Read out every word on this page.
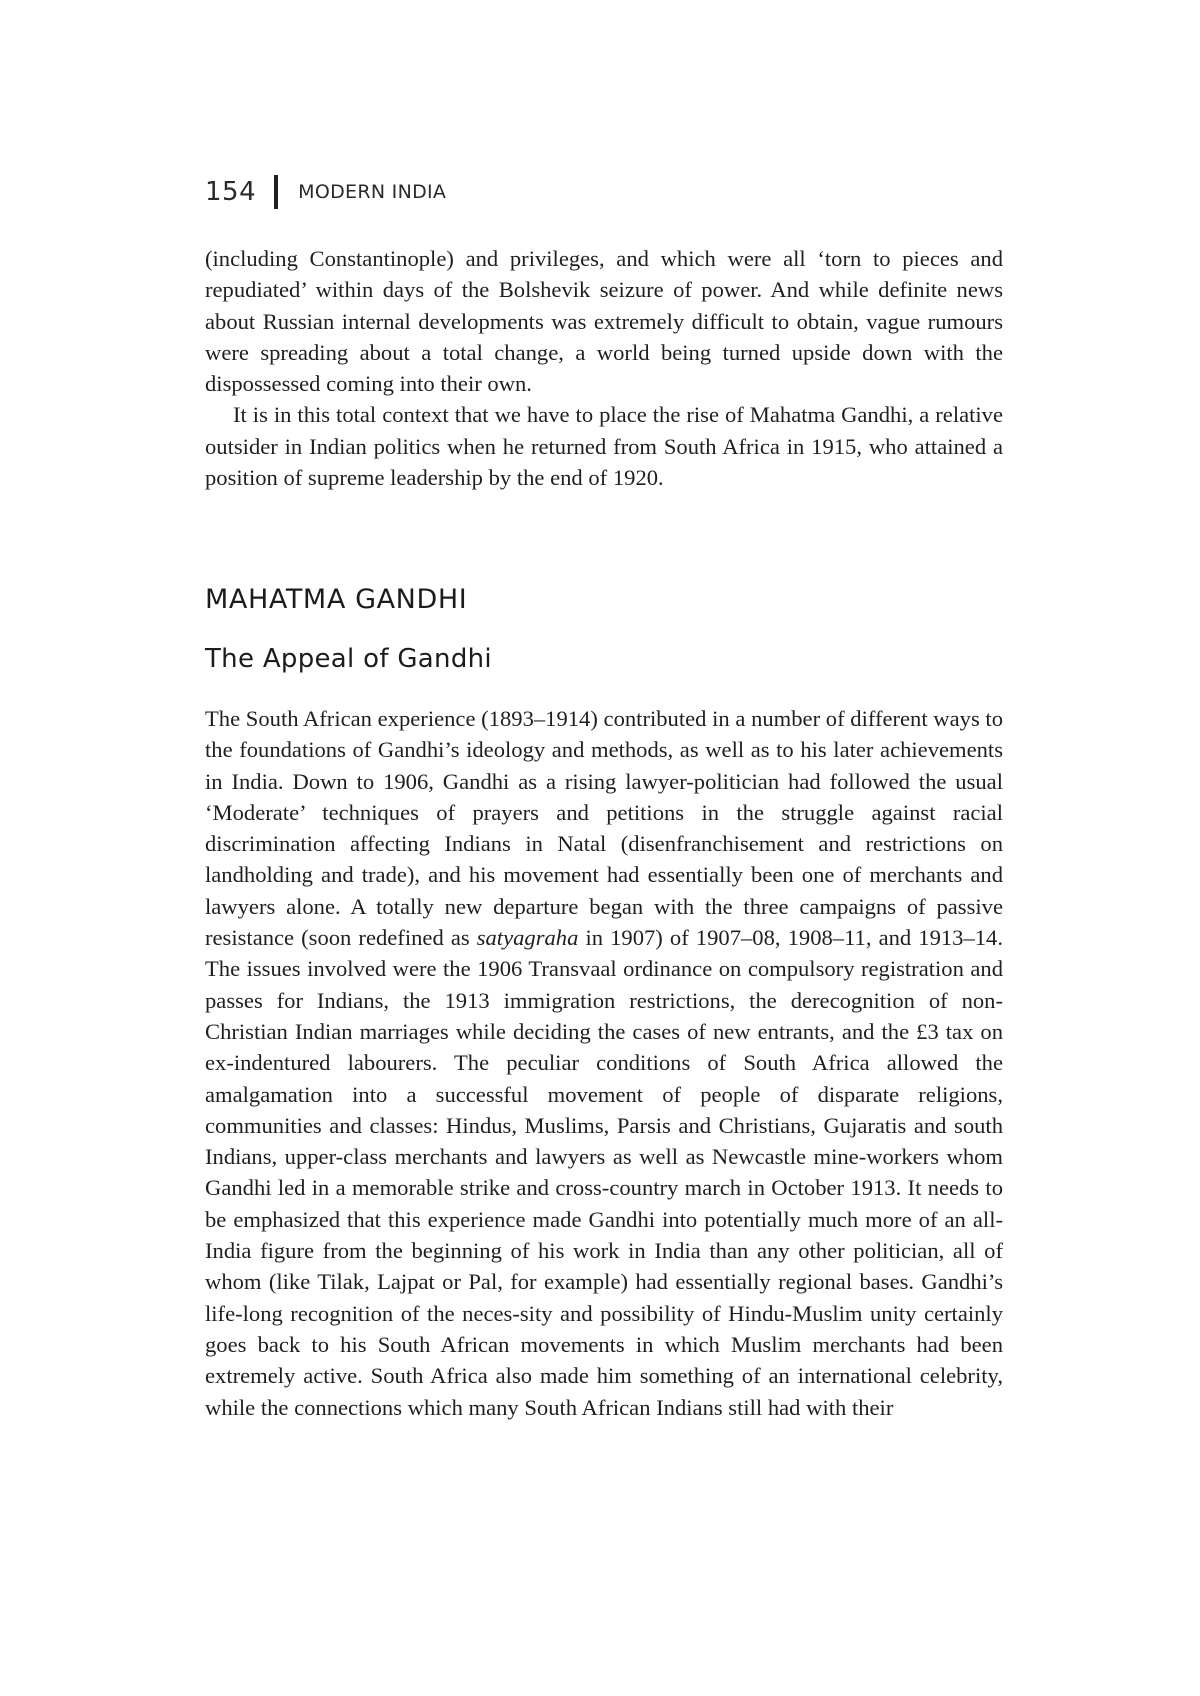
154 MODERN INDIA

(including Constantinople) and privileges, and which were all ‘torn to pieces and repudiated’ within days of the Bolshevik seizure of power. And while definite news about Russian internal developments was extremely difficult to obtain, vague rumours were spreading about a total change, a world being turned upside down with the dispossessed coming into their own.

It is in this total context that we have to place the rise of Mahatma Gandhi, a relative outsider in Indian politics when he returned from South Africa in 1915, who attained a position of supreme leadership by the end of 1920.

MAHATMA GANDHI
The Appeal of Gandhi

The South African experience (1893–1914) contributed in a number of different ways to the foundations of Gandhi’s ideology and methods, as well as to his later achievements in India. Down to 1906, Gandhi as a rising lawyer-politician had followed the usual ‘Moderate’ techniques of prayers and petitions in the struggle against racial discrimination affecting Indians in Natal (disenfranchisement and restrictions on landholding and trade), and his movement had essentially been one of merchants and lawyers alone. A totally new departure began with the three campaigns of passive resistance (soon redefined as satyagraha in 1907) of 1907–08, 1908–11, and 1913–14. The issues involved were the 1906 Transvaal ordinance on compulsory registration and passes for Indians, the 1913 immigration restrictions, the derecognition of non-Christian Indian marriages while deciding the cases of new entrants, and the £3 tax on ex-indentured labourers. The peculiar conditions of South Africa allowed the amalgamation into a successful movement of people of disparate religions, communities and classes: Hindus, Muslims, Parsis and Christians, Gujaratis and south Indians, upper-class merchants and lawyers as well as Newcastle mine-workers whom Gandhi led in a memorable strike and cross-country march in October 1913. It needs to be emphasized that this experience made Gandhi into potentially much more of an all-India figure from the beginning of his work in India than any other politician, all of whom (like Tilak, Lajpat or Pal, for example) had essentially regional bases. Gandhi’s life-long recognition of the neces-sity and possibility of Hindu-Muslim unity certainly goes back to his South African movements in which Muslim merchants had been extremely active. South Africa also made him something of an international celebrity, while the connections which many South African Indians still had with their
